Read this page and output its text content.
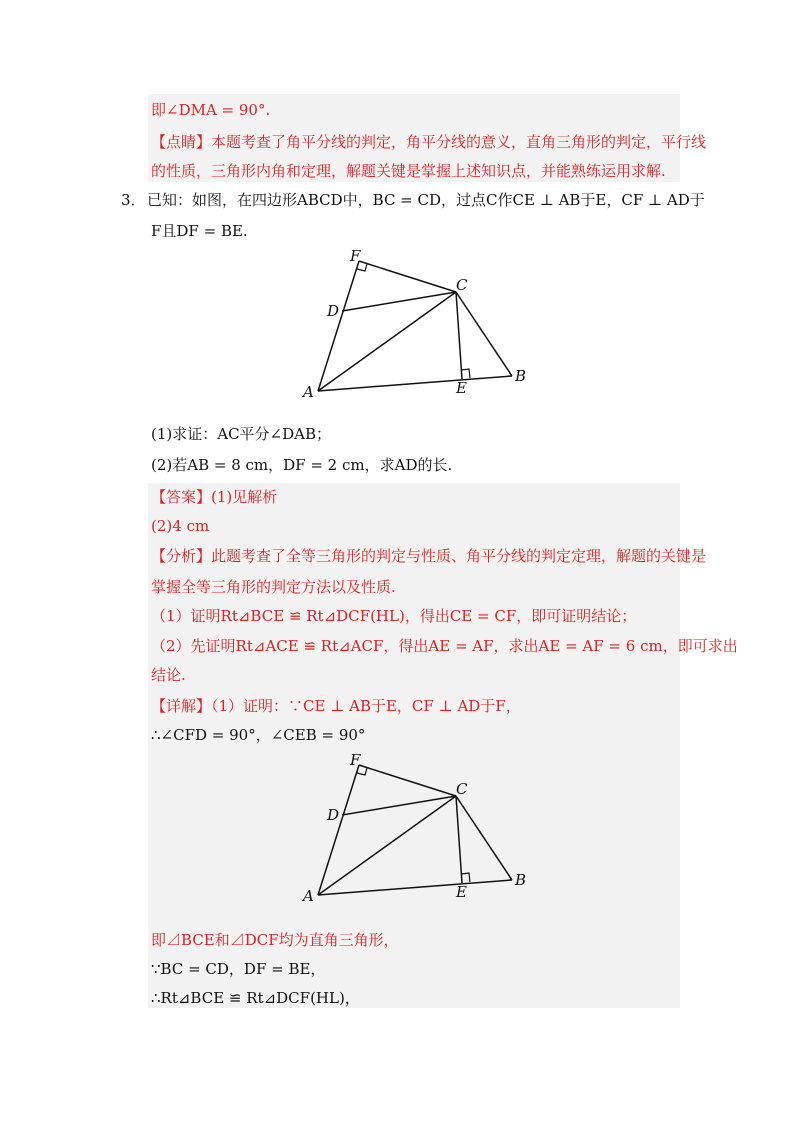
即∠DMA = 90°.
【点睛】本题考查了角平分线的判定，角平分线的意义，直角三角形的判定，平行线
的性质，三角形内角和定理，解题关键是掌握上述知识点，并能熟练运用求解.
3． 已知：如图，在四边形ABCD中，BC = CD，过点C作CE ⊥ AB于E，CF ⊥ AD于
F且DF = BE.
F
C
D
A	E
B
(1)求证：AC平分∠DAB；
(2)若AB = 8 cm，DF = 2 cm，求AD的长.
【答案】(1)见解析
(2)4 cm
【分析】此题考查了全等三角形的判定与性质、角平分线的判定定理，解题的关键是
掌握全等三角形的判定方法以及性质.
（1）证明Rt⊿BCE ≌ Rt⊿DCF(HL)，得出CE = CF，即可证明结论；
（2）先证明Rt⊿ACE ≌ Rt⊿ACF，得出AE = AF，求出AE = AF = 6 cm，即可求出
结论.
【详解】（1）证明：∵CE ⊥ AB于E，CF ⊥ AD于F，
∴∠CFD = 90°，∠CEB = 90°
F
C
D
A	E
B
即⊿BCE和⊿DCF均为直角三角形，
∵BC = CD，DF = BE，
∴Rt⊿BCE ≌ Rt⊿DCF(HL)，
